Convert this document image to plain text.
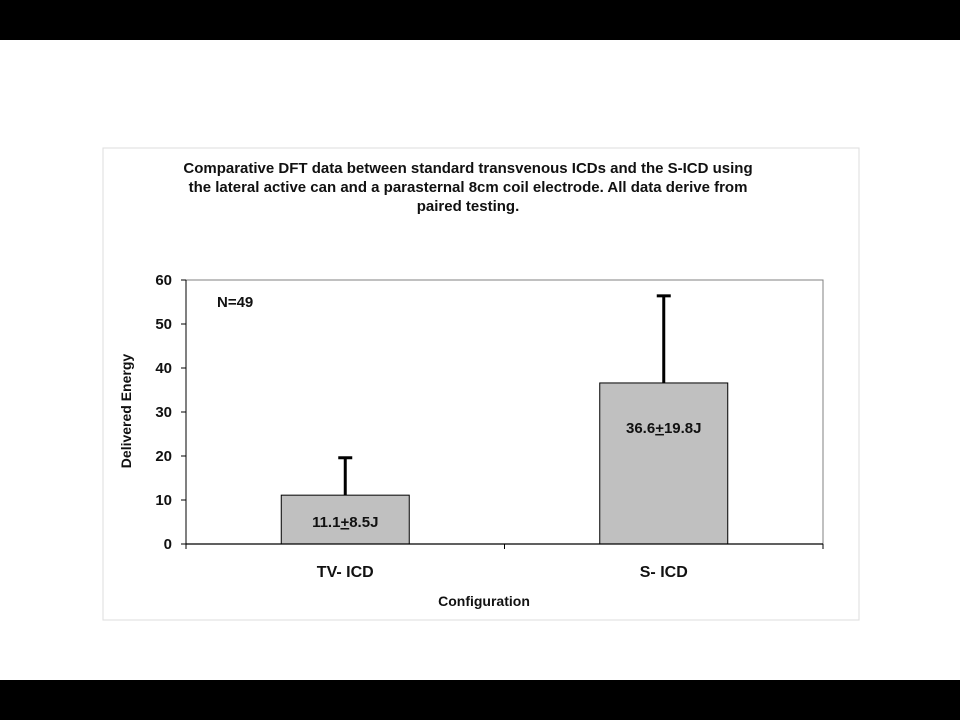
Comparative DFT data between standard transvenous ICDs and the S-ICD using
the lateral active can and a parasternal 8cm coil electrode. All data derive from
paired testing.
0
10
20
30
40
50
60
TV- ICD
11.1+8.5J
S- ICD
36.6+19.8J
N=49
Configuration
Delivered Energy
